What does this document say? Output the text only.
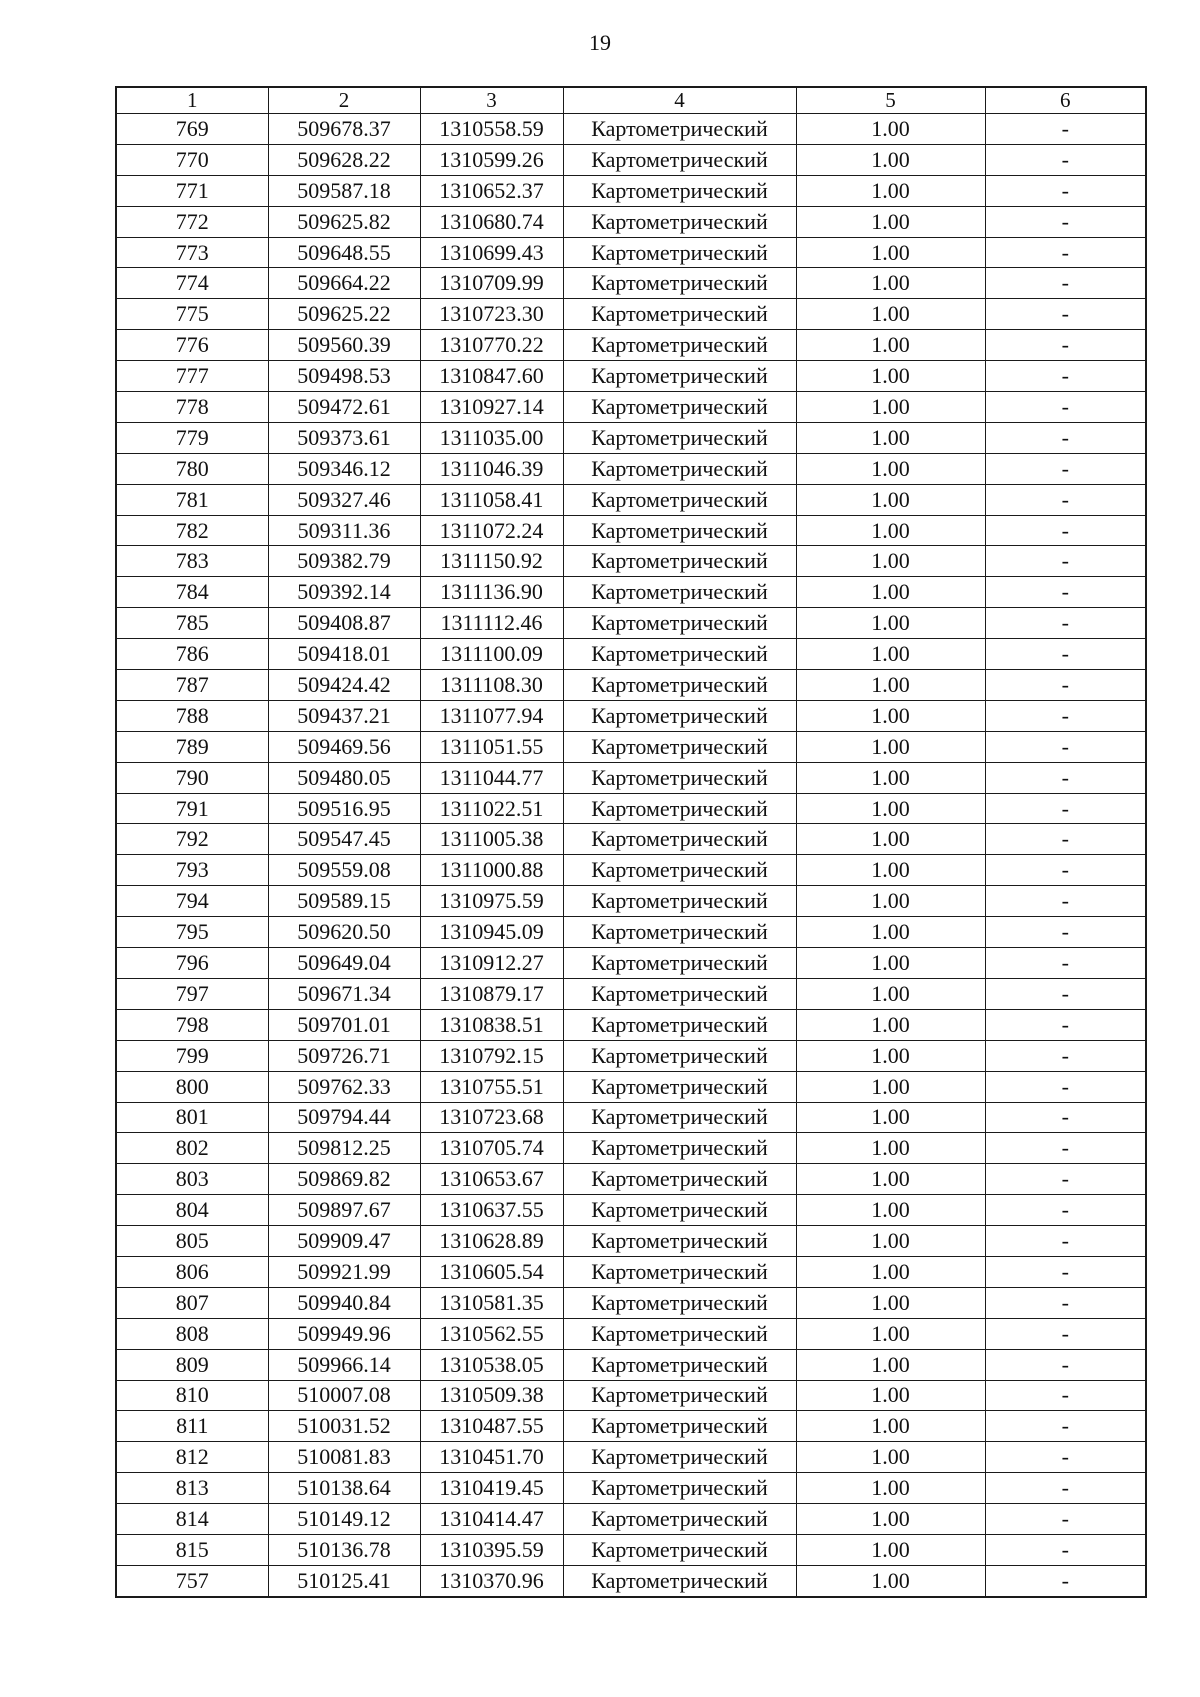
19
1	2	3	4	5	6
769	509678.37	1310558.59	Картометрический	1.00	-
770	509628.22	1310599.26	Картометрический	1.00	-
771	509587.18	1310652.37	Картометрический	1.00	-
772	509625.82	1310680.74	Картометрический	1.00	-
773	509648.55	1310699.43	Картометрический	1.00	-
774	509664.22	1310709.99	Картометрический	1.00	-
775	509625.22	1310723.30	Картометрический	1.00	-
776	509560.39	1310770.22	Картометрический	1.00	-
777	509498.53	1310847.60	Картометрический	1.00	-
778	509472.61	1310927.14	Картометрический	1.00	-
779	509373.61	1311035.00	Картометрический	1.00	-
780	509346.12	1311046.39	Картометрический	1.00	-
781	509327.46	1311058.41	Картометрический	1.00	-
782	509311.36	1311072.24	Картометрический	1.00	-
783	509382.79	1311150.92	Картометрический	1.00	-
784	509392.14	1311136.90	Картометрический	1.00	-
785	509408.87	1311112.46	Картометрический	1.00	-
786	509418.01	1311100.09	Картометрический	1.00	-
787	509424.42	1311108.30	Картометрический	1.00	-
788	509437.21	1311077.94	Картометрический	1.00	-
789	509469.56	1311051.55	Картометрический	1.00	-
790	509480.05	1311044.77	Картометрический	1.00	-
791	509516.95	1311022.51	Картометрический	1.00	-
792	509547.45	1311005.38	Картометрический	1.00	-
793	509559.08	1311000.88	Картометрический	1.00	-
794	509589.15	1310975.59	Картометрический	1.00	-
795	509620.50	1310945.09	Картометрический	1.00	-
796	509649.04	1310912.27	Картометрический	1.00	-
797	509671.34	1310879.17	Картометрический	1.00	-
798	509701.01	1310838.51	Картометрический	1.00	-
799	509726.71	1310792.15	Картометрический	1.00	-
800	509762.33	1310755.51	Картометрический	1.00	-
801	509794.44	1310723.68	Картометрический	1.00	-
802	509812.25	1310705.74	Картометрический	1.00	-
803	509869.82	1310653.67	Картометрический	1.00	-
804	509897.67	1310637.55	Картометрический	1.00	-
805	509909.47	1310628.89	Картометрический	1.00	-
806	509921.99	1310605.54	Картометрический	1.00	-
807	509940.84	1310581.35	Картометрический	1.00	-
808	509949.96	1310562.55	Картометрический	1.00	-
809	509966.14	1310538.05	Картометрический	1.00	-
810	510007.08	1310509.38	Картометрический	1.00	-
811	510031.52	1310487.55	Картометрический	1.00	-
812	510081.83	1310451.70	Картометрический	1.00	-
813	510138.64	1310419.45	Картометрический	1.00	-
814	510149.12	1310414.47	Картометрический	1.00	-
815	510136.78	1310395.59	Картометрический	1.00	-
757	510125.41	1310370.96	Картометрический	1.00	-
